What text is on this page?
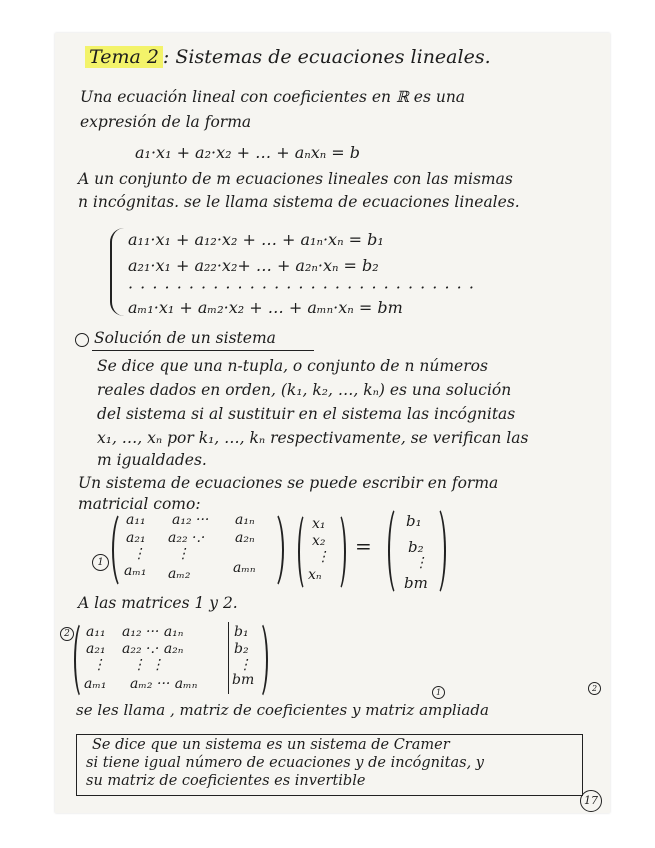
Tema 2 : Sistemas de ecuaciones lineales.
Una ecuación lineal con coeficientes en ℝ es una
expresión de la forma
a₁·x₁ + a₂·x₂ + … + aₙxₙ = b
A un conjunto de m ecuaciones lineales con las mismas
n incógnitas. se le llama sistema de ecuaciones lineales.
a₁₁·x₁ + a₁₂·x₂ + … + a₁ₙ·xₙ = b₁
a₂₁·x₁ + a₂₂·x₂+ … + a₂ₙ·xₙ = b₂
· · · · · · · · · · · · · · · · · · · · · · · · · · · · ·
aₘ₁·x₁ + aₘ₂·x₂ + … + aₘₙ·xₙ = bm
Solución de un sistema
Se dice que una n-tupla, o conjunto de n números
reales dados en orden, (k₁, k₂, …, kₙ) es una solución
del sistema si al sustituir en el sistema las incógnitas
x₁, …, xₙ por k₁, …, kₙ respectivamente, se verifican las
m igualdades.
Un sistema de ecuaciones se puede escribir en forma
matricial como:
1
a₁₁ a₁₂ ··· a₁ₙ
a₂₁ a₂₂ ·.· a₂ₙ
⋮ ⋮
aₘ₁ aₘ₂	aₘₙ
x₁
x₂
⋮
xₙ
=
b₁
b₂
⋮
bm
A las matrices 1 y 2.
2 a₁₁ a₁₂ ··· a₁ₙ	b₁
a₂₁ a₂₂ ·.· a₂ₙ	b₂
⋮ ⋮ ⋮	⋮
aₘ₁ aₘ₂ ··· aₘₙ bm
1	2
se les llama , matriz de coeficientes y matriz ampliada
Se dice que un sistema es un sistema de Cramer
si tiene igual número de ecuaciones y de incógnitas, y
su matriz de coeficientes es invertible
17
